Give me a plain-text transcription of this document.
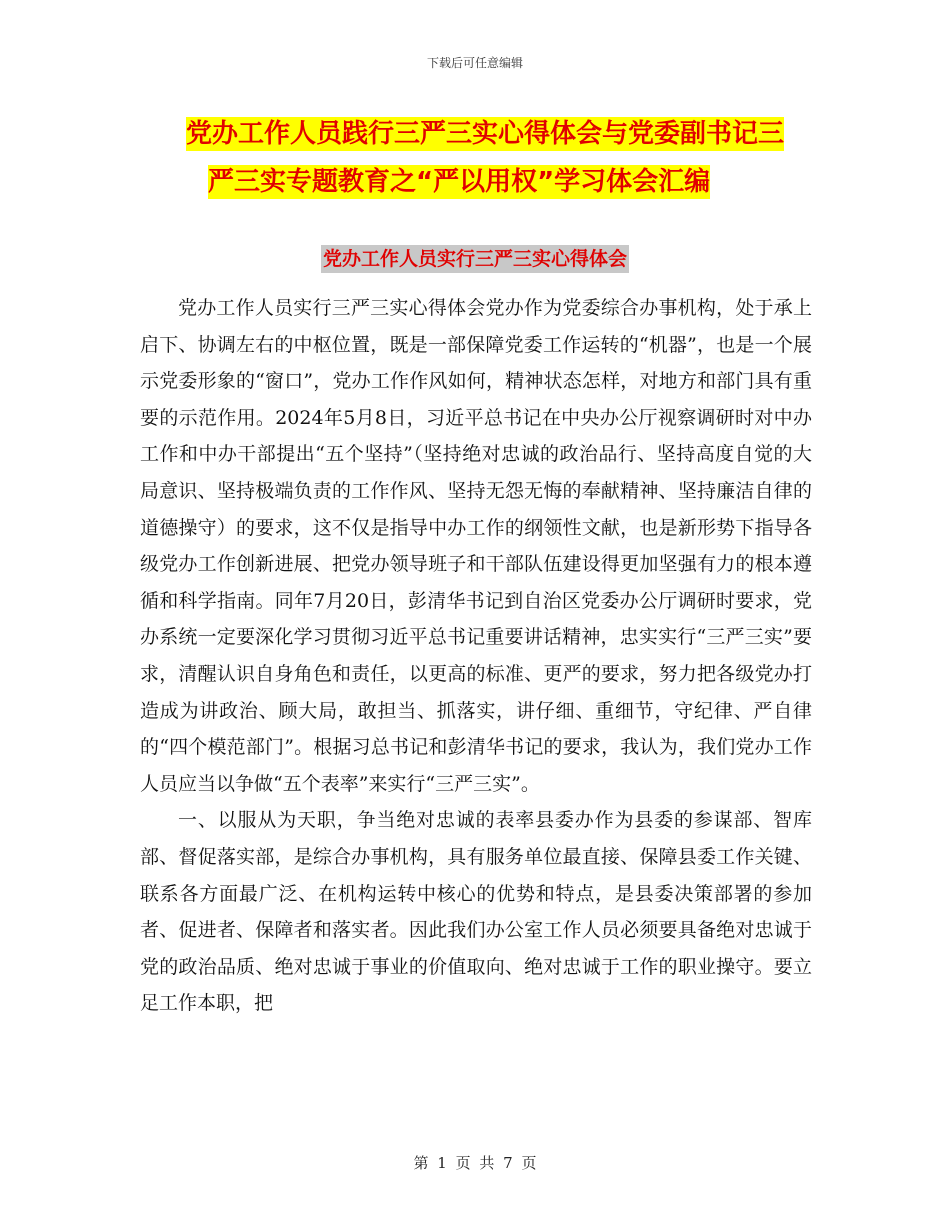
下载后可任意编辑
党办工作人员践行三严三实心得体会与党委副书记三
严三实专题教育之“严以用权”学习体会汇编
党办工作人员实行三严三实心得体会

党办工作人员实行三严三实心得体会党办作为党委综合办事机构，处于承上启下、协调左右的中枢位置，既是一部保障党委工作运转的“机器”，也是一个展示党委形象的“窗口”，党办工作作风如何，精神状态怎样，对地方和部门具有重要的示范作用。2024年5月8日，习近平总书记在中央办公厅视察调研时对中办工作和中办干部提出“五个坚持”（坚持绝对忠诚的政治品行、坚持高度自觉的大局意识、坚持极端负责的工作作风、坚持无怨无悔的奉献精神、坚持廉洁自律的道德操守）的要求，这不仅是指导中办工作的纲领性文献，也是新形势下指导各级党办工作创新进展、把党办领导班子和干部队伍建设得更加坚强有力的根本遵循和科学指南。同年7月20日，彭清华书记到自治区党委办公厅调研时要求，党办系统一定要深化学习贯彻习近平总书记重要讲话精神，忠实实行“三严三实”要求，清醒认识自身角色和责任，以更高的标准、更严的要求，努力把各级党办打造成为讲政治、顾大局，敢担当、抓落实，讲仔细、重细节，守纪律、严自律的“四个模范部门”。根据习总书记和彭清华书记的要求，我认为，我们党办工作人员应当以争做“五个表率”来实行“三严三实”。

一、以服从为天职，争当绝对忠诚的表率县委办作为县委的参谋部、智库部、督促落实部，是综合办事机构，具有服务单位最直接、保障县委工作关键、联系各方面最广泛、在机构运转中核心的优势和特点，是县委决策部署的参加者、促进者、保障者和落实者。因此我们办公室工作人员必须要具备绝对忠诚于党的政治品质、绝对忠诚于事业的价值取向、绝对忠诚于工作的职业操守。要立足工作本职，把

第 1 页 共 7 页
